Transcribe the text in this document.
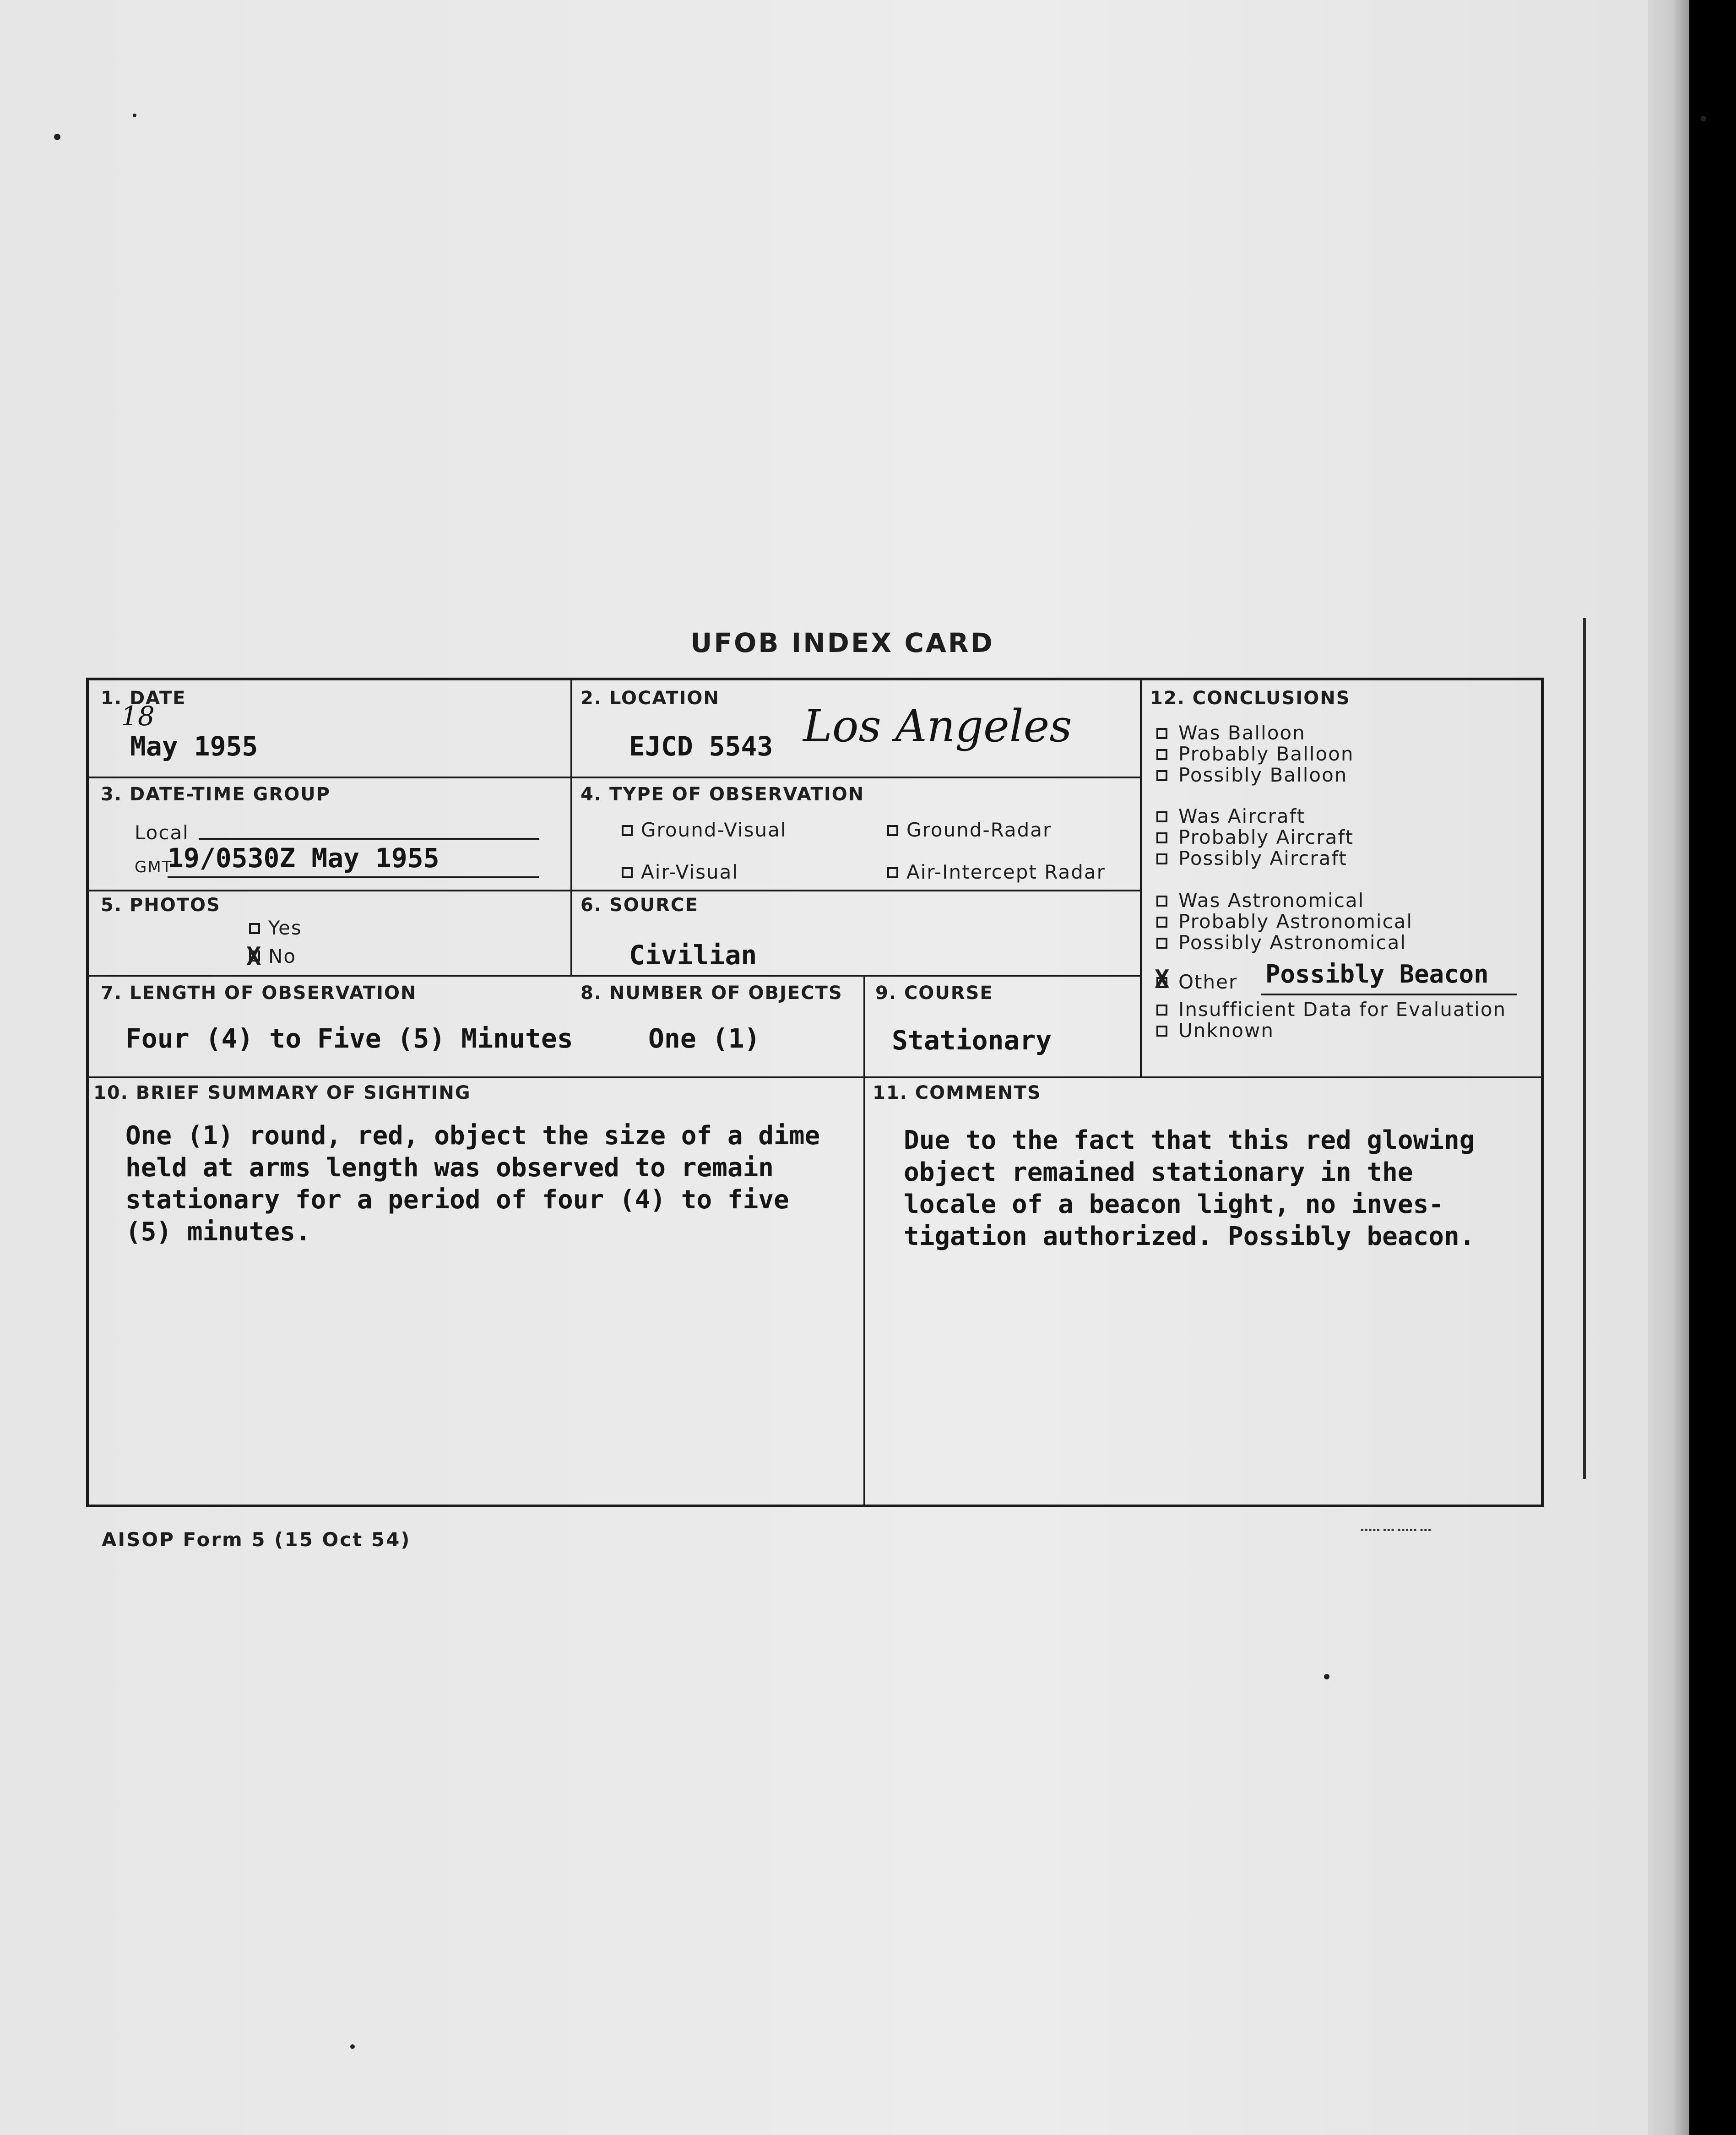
UFOB INDEX CARD
1. DATE
18
May 1955
2. LOCATION
EJCD 5543 Los Angeles
3. DATE-TIME GROUP
Local
GMT
19/0530Z May 1955
4. TYPE OF OBSERVATION
Ground-Visual	Ground-Radar
Air-Visual	Air-Intercept Radar
5. PHOTOS
Yes
X No
6. SOURCE
Civilian
7. LENGTH OF OBSERVATION
Four (4) to Five (5) Minutes
8. NUMBER OF OBJECTS
One (1)
9. COURSE
Stationary
12. CONCLUSIONS
Was Balloon
Probably Balloon
Possibly Balloon
Was Aircraft
Probably Aircraft
Possibly Aircraft
Was Astronomical
Probably Astronomical
Possibly Astronomical
X Other Possibly Beacon
Insufficient Data for Evaluation
Unknown
10. BRIEF SUMMARY OF SIGHTING
One (1) round, red, object the size of a dime
held at arms length was observed to remain
stationary for a period of four (4) to five
(5) minutes.
11. COMMENTS
Due to the fact that this red glowing
object remained stationary in the
locale of a beacon light, no inves-
tigation authorized. Possibly beacon.
AISOP Form 5 (15 Oct 54)	▪▪▪▪▪ ▪▪▪ ▪▪▪▪▪ ▪▪▪
